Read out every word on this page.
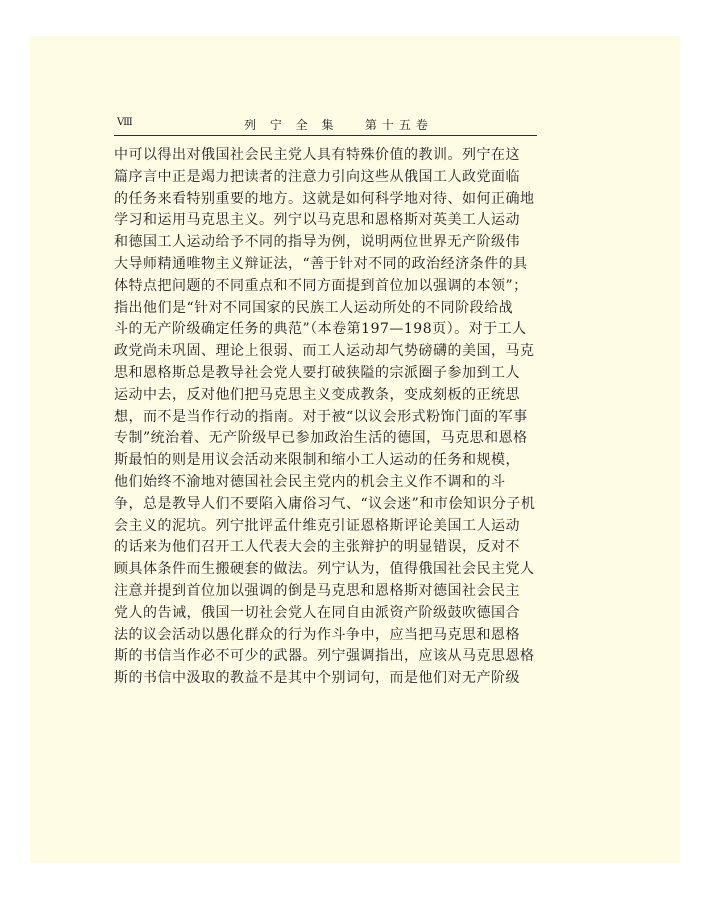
Ⅷ	列 宁 全 集   第十五卷
中可以得出对俄国社会民主党人具有特殊价值的教训。列宁在这
篇序言中正是竭力把读者的注意力引向这些从俄国工人政党面临
的任务来看特别重要的地方。这就是如何科学地对待、如何正确地
学习和运用马克思主义。列宁以马克思和恩格斯对英美工人运动
和德国工人运动给予不同的指导为例，说明两位世界无产阶级伟
大导师精通唯物主义辩证法，“善于针对不同的政治经济条件的具
体特点把问题的不同重点和不同方面提到首位加以强调的本领”；
指出他们是“针对不同国家的民族工人运动所处的不同阶段给战
斗的无产阶级确定任务的典范”（本卷第197—198页）。对于工人
政党尚未巩固、理论上很弱、而工人运动却气势磅礴的美国，马克
思和恩格斯总是教导社会党人要打破狭隘的宗派圈子参加到工人
运动中去，反对他们把马克思主义变成教条，变成刻板的正统思
想，而不是当作行动的指南。对于被“以议会形式粉饰门面的军事
专制”统治着、无产阶级早已参加政治生活的德国，马克思和恩格
斯最怕的则是用议会活动来限制和缩小工人运动的任务和规模，
他们始终不渝地对德国社会民主党内的机会主义作不调和的斗
争，总是教导人们不要陷入庸俗习气、“议会迷”和市侩知识分子机
会主义的泥坑。列宁批评孟什维克引证恩格斯评论美国工人运动
的话来为他们召开工人代表大会的主张辩护的明显错误，反对不
顾具体条件而生搬硬套的做法。列宁认为，值得俄国社会民主党人
注意并提到首位加以强调的倒是马克思和恩格斯对德国社会民主
党人的告诫，俄国一切社会党人在同自由派资产阶级鼓吹德国合
法的议会活动以愚化群众的行为作斗争中，应当把马克思和恩格
斯的书信当作必不可少的武器。列宁强调指出，应该从马克思恩格
斯的书信中汲取的教益不是其中个别词句，而是他们对无产阶级
